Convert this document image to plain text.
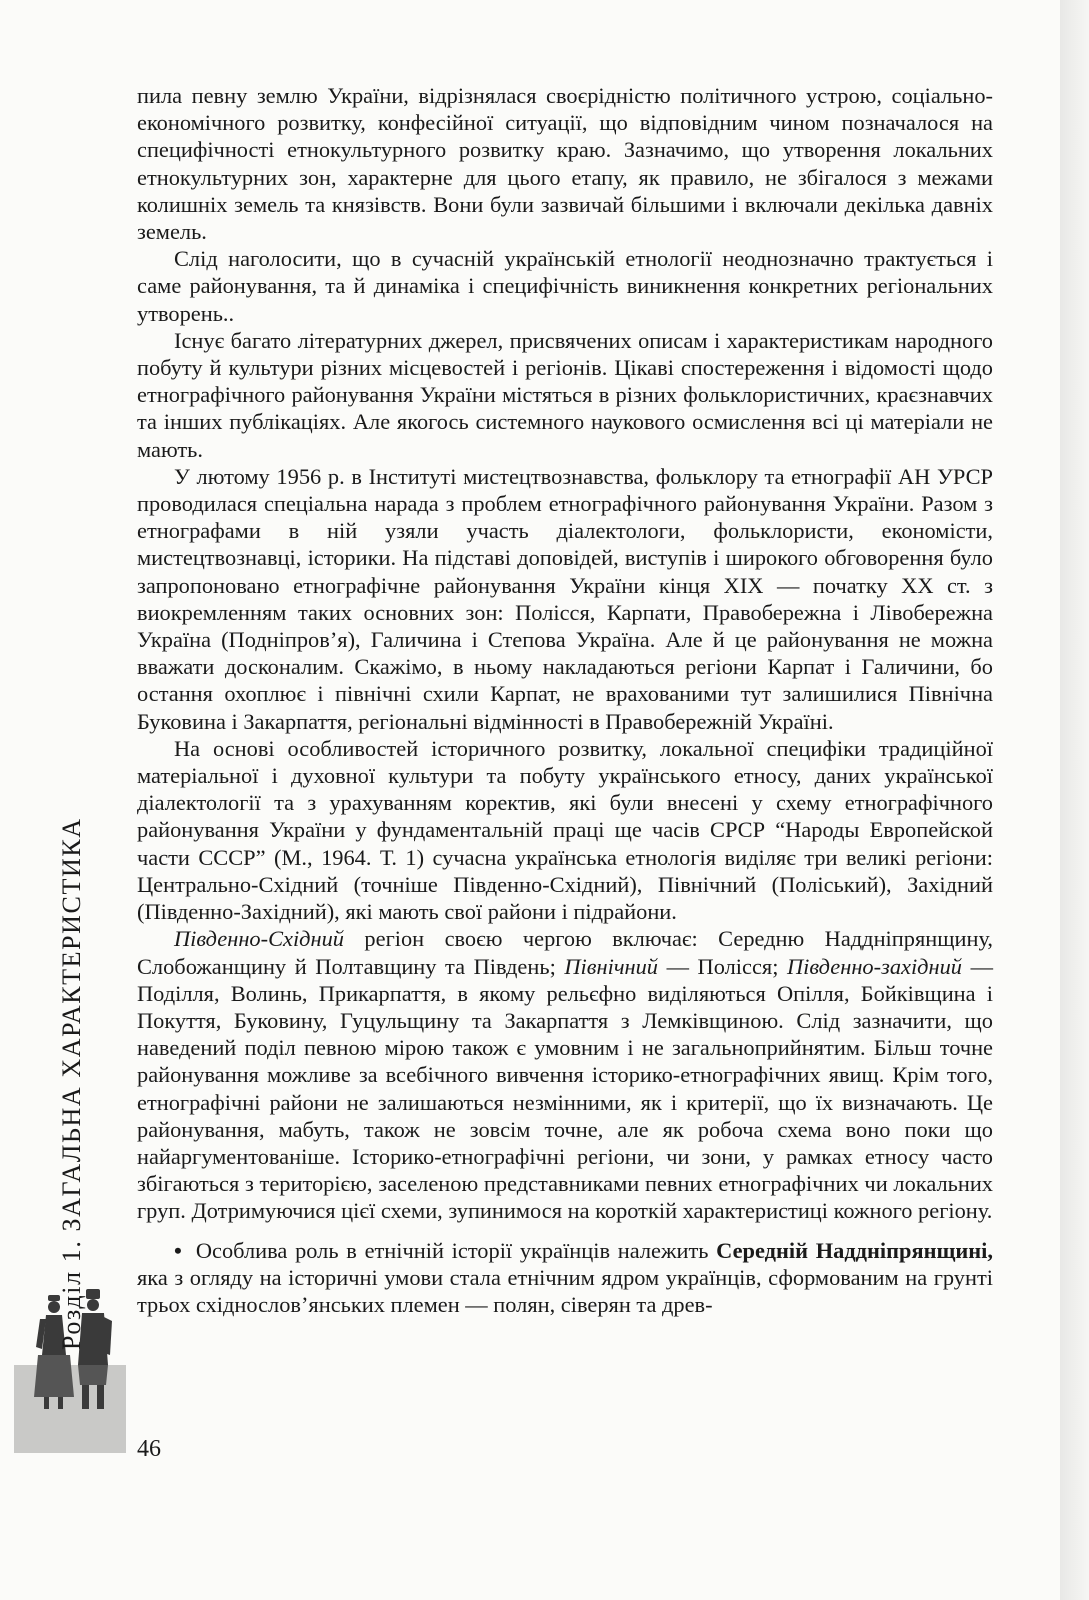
Розділ 1. ЗАГАЛЬНА ХАРАКТЕРИСТИКА

пила певну землю України, відрізнялася своєрідністю політичного устрою, соціально-економічного розвитку, конфесійної ситуації, що відповідним чином позначалося на специфічності етнокультурного розвитку краю. Зазначимо, що утворення локальних етнокультурних зон, характерне для цього етапу, як правило, не збігалося з межами колишніх земель та князівств. Вони були зазвичай більшими і включали декілька давніх земель.

Слід наголосити, що в сучасній українській етнології неоднозначно трактується і саме районування, та й динаміка і специфічність виникнення конкретних регіональних утворень..

Існує багато літературних джерел, присвячених описам і характеристикам народного побуту й культури різних місцевостей і регіонів. Цікаві спостереження і відомості щодо етнографічного районування України містяться в різних фольклористичних, краєзнавчих та інших публікаціях. Але якогось системного наукового осмислення всі ці матеріали не мають.

У лютому 1956 р. в Інституті мистецтвознавства, фольклору та етнографії АН УРСР проводилася спеціальна нарада з проблем етнографічного районування України. Разом з етнографами в ній узяли участь діалектологи, фольклористи, економісти, мистецтвознавці, історики. На підставі доповідей, виступів і широкого обговорення було запропоновано етнографічне районування України кінця XIX — початку XX ст. з виокремленням таких основних зон: Полісся, Карпати, Правобережна і Лівобережна Україна (Подніпров’я), Галичина і Степова Україна. Але й це районування не можна вважати досконалим. Скажімо, в ньому накладаються регіони Карпат і Галичини, бо остання охоплює і північні схили Карпат, не врахованими тут залишилися Північна Буковина і Закарпаття, регіональні відмінності в Правобережній Україні.

На основі особливостей історичного розвитку, локальної специфіки традиційної матеріальної і духовної культури та побуту українського етносу, даних української діалектології та з урахуванням коректив, які були внесені у схему етнографічного районування України у фундаментальній праці ще часів СРСР “Народы Европейской части СССР” (М., 1964. Т. 1) сучасна українська етнологія виділяє три великі регіони: Центрально-Східний (точніше Південно-Східний), Північний (Поліський), Західний (Південно-Західний), які мають свої райони і підрайони.

Південно-Східний регіон своєю чергою включає: Середню Наддніпрянщину, Слобожанщину й Полтавщину та Південь; Північний — Полісся; Південно-західний — Поділля, Волинь, Прикарпаття, в якому рельєфно виділяються Опілля, Бойківщина і Покуття, Буковину, Гуцульщину та Закарпаття з Лемківщиною. Слід зазначити, що наведений поділ певною мірою також є умовним і не загальноприйнятим. Більш точне районування можливе за всебічного вивчення історико-етнографічних явищ. Крім того, етнографічні райони не залишаються незмінними, як і критерії, що їх визначають. Це районування, мабуть, також не зовсім точне, але як робоча схема воно поки що найаргументованіше. Історико-етнографічні регіони, чи зони, у рамках етносу часто збігаються з територією, заселеною представниками певних етнографічних чи локальних груп. Дотримуючися цієї схеми, зупинимося на короткій характеристиці кожного регіону.

• Особлива роль в етнічній історії українців належить Середній Наддніпрянщині, яка з огляду на історичні умови стала етнічним ядром українців, сформованим на грунті трьох східнослов’янських племен — полян, сіверян та древ-

46
